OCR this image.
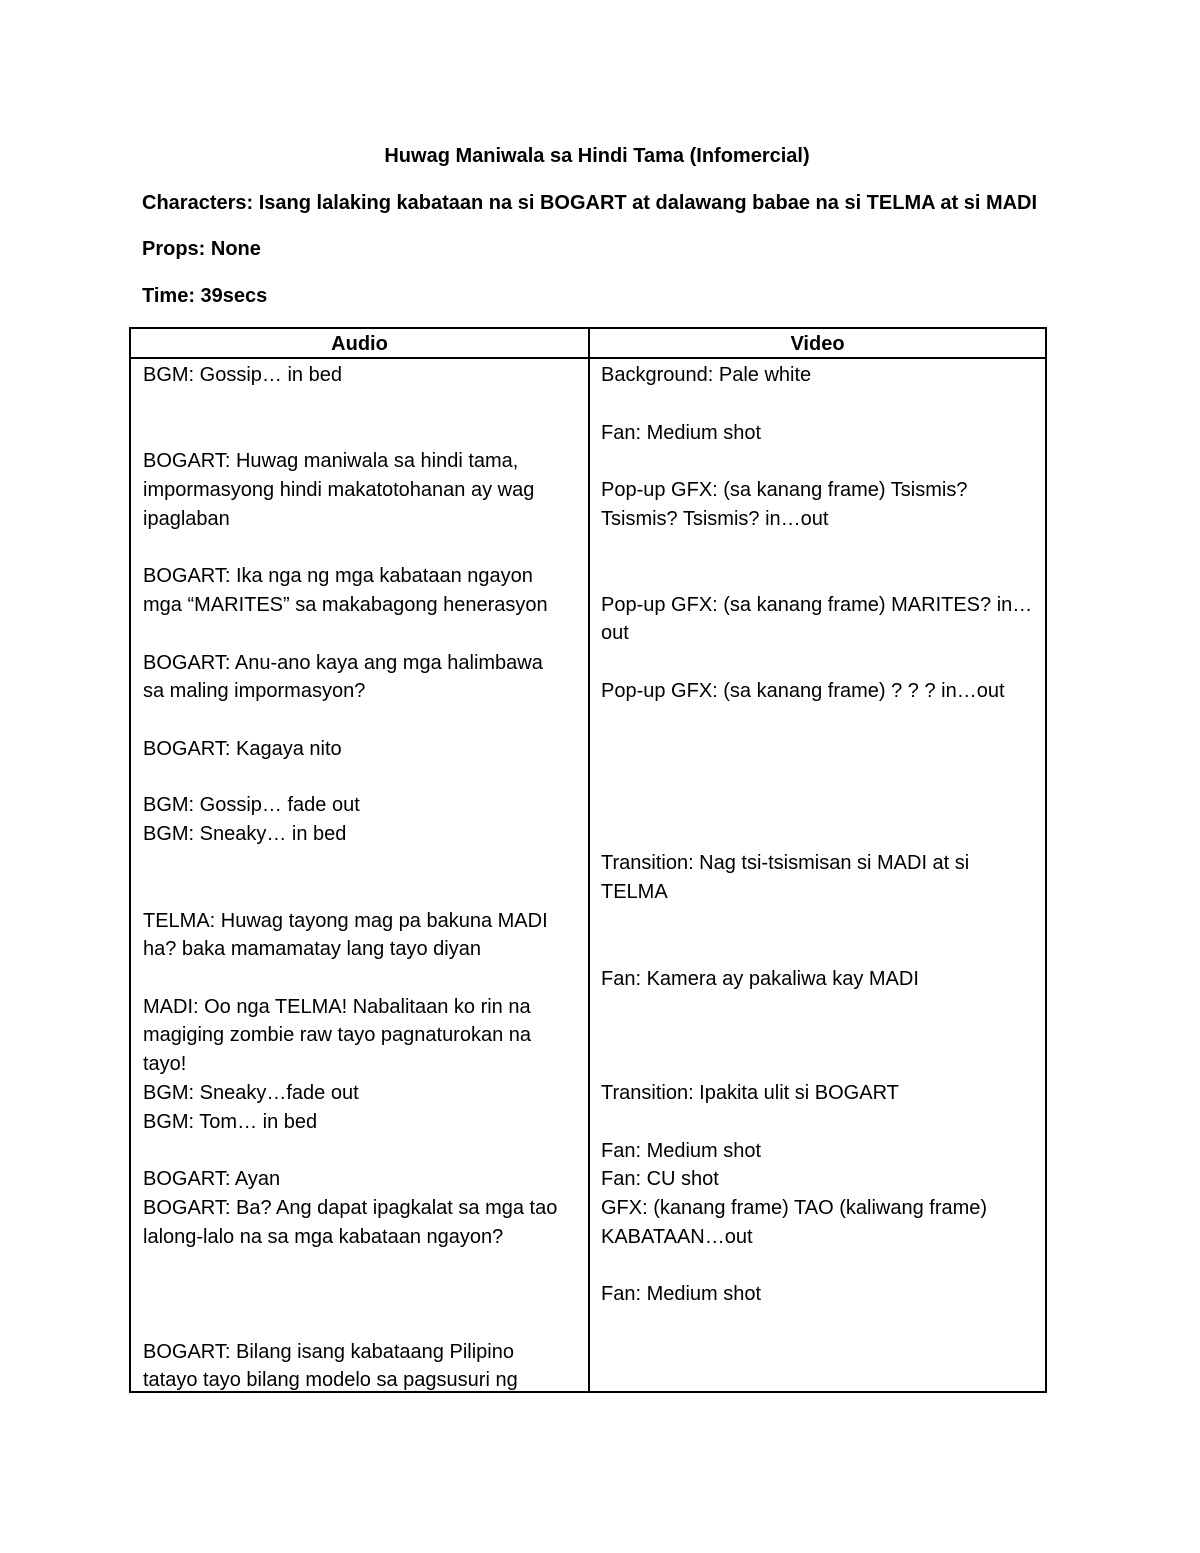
Huwag Maniwala sa Hindi Tama (Infomercial)
Characters: Isang lalaking kabataan na si BOGART at dalawang babae na si TELMA at si MADI
Props: None
Time: 39secs
Audio	Video
BGM: Gossip… in bed
BOGART: Huwag maniwala sa hindi tama,
impormasyong hindi makatotohanan ay wag
ipaglaban
BOGART: Ika nga ng mga kabataan ngayon
mga “MARITES” sa makabagong henerasyon
BOGART: Anu-ano kaya ang mga halimbawa
sa maling impormasyon?
BOGART: Kagaya nito
BGM: Gossip… fade out
BGM: Sneaky… in bed
TELMA: Huwag tayong mag pa bakuna MADI
ha? baka mamamatay lang tayo diyan
MADI: Oo nga TELMA! Nabalitaan ko rin na
magiging zombie raw tayo pagnaturokan na
tayo!
BGM: Sneaky…fade out
BGM: Tom… in bed
BOGART: Ayan
BOGART: Ba? Ang dapat ipagkalat sa mga tao
lalong-lalo na sa mga kabataan ngayon?
BOGART: Bilang isang kabataang Pilipino
tatayo tayo bilang modelo sa pagsusuri ng
Background: Pale white
Fan: Medium shot
Pop-up GFX: (sa kanang frame) Tsismis?
Tsismis? Tsismis? in…out
Pop-up GFX: (sa kanang frame) MARITES? in…
out
Pop-up GFX: (sa kanang frame) ? ? ? in…out
Transition: Nag tsi-tsismisan si MADI at si
TELMA
Fan: Kamera ay pakaliwa kay MADI
Transition: Ipakita ulit si BOGART
Fan: Medium shot
Fan: CU shot
GFX: (kanang frame) TAO (kaliwang frame)
KABATAAN…out
Fan: Medium shot
